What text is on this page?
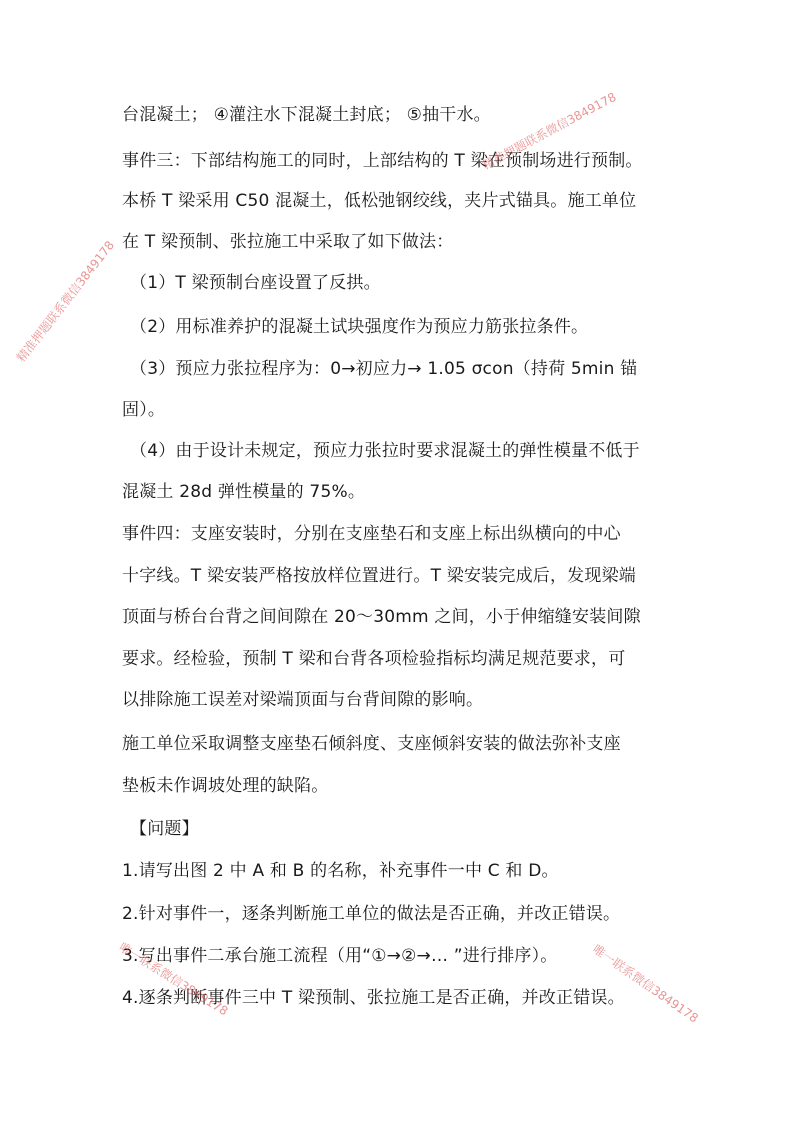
台混凝土； ④灌注水下混凝土封底； ⑤抽干水。
事件三：下部结构施工的同时，上部结构的 T 梁在预制场进行预制。
本桥 T 梁采用 C50 混凝土，低松弛钢绞线，夹片式锚具。施工单位
在 T 梁预制、张拉施工中采取了如下做法：
（1）T 梁预制台座设置了反拱。
（2）用标准养护的混凝土试块强度作为预应力筋张拉条件。
（3）预应力张拉程序为：0→初应力→ 1.05 σcon（持荷 5min 锚
固）。
（4）由于设计未规定，预应力张拉时要求混凝土的弹性模量不低于
混凝土 28d 弹性模量的 75%。
事件四：支座安装时，分别在支座垫石和支座上标出纵横向的中心
十字线。T 梁安装严格按放样位置进行。T 梁安装完成后，发现梁端
顶面与桥台台背之间间隙在 20～30mm 之间，小于伸缩缝安装间隙
要求。经检验，预制 T 梁和台背各项检验指标均满足规范要求，可
以排除施工误差对梁端顶面与台背间隙的影响。
施工单位采取调整支座垫石倾斜度、支座倾斜安装的做法弥补支座
垫板未作调坡处理的缺陷。
【问题】
1.请写出图 2 中 A 和 B 的名称，补充事件一中 C 和 D。
2.针对事件一，逐条判断施工单位的做法是否正确，并改正错误。
3.写出事件二承台施工流程（用“①→②→… ”进行排序）。
4.逐条判断事件三中 T 梁预制、张拉施工是否正确，并改正错误。
精准押题联系微信3849178
精准押题联系微信3849178
唯一联系微信3849178	唯一联系微信3849178
